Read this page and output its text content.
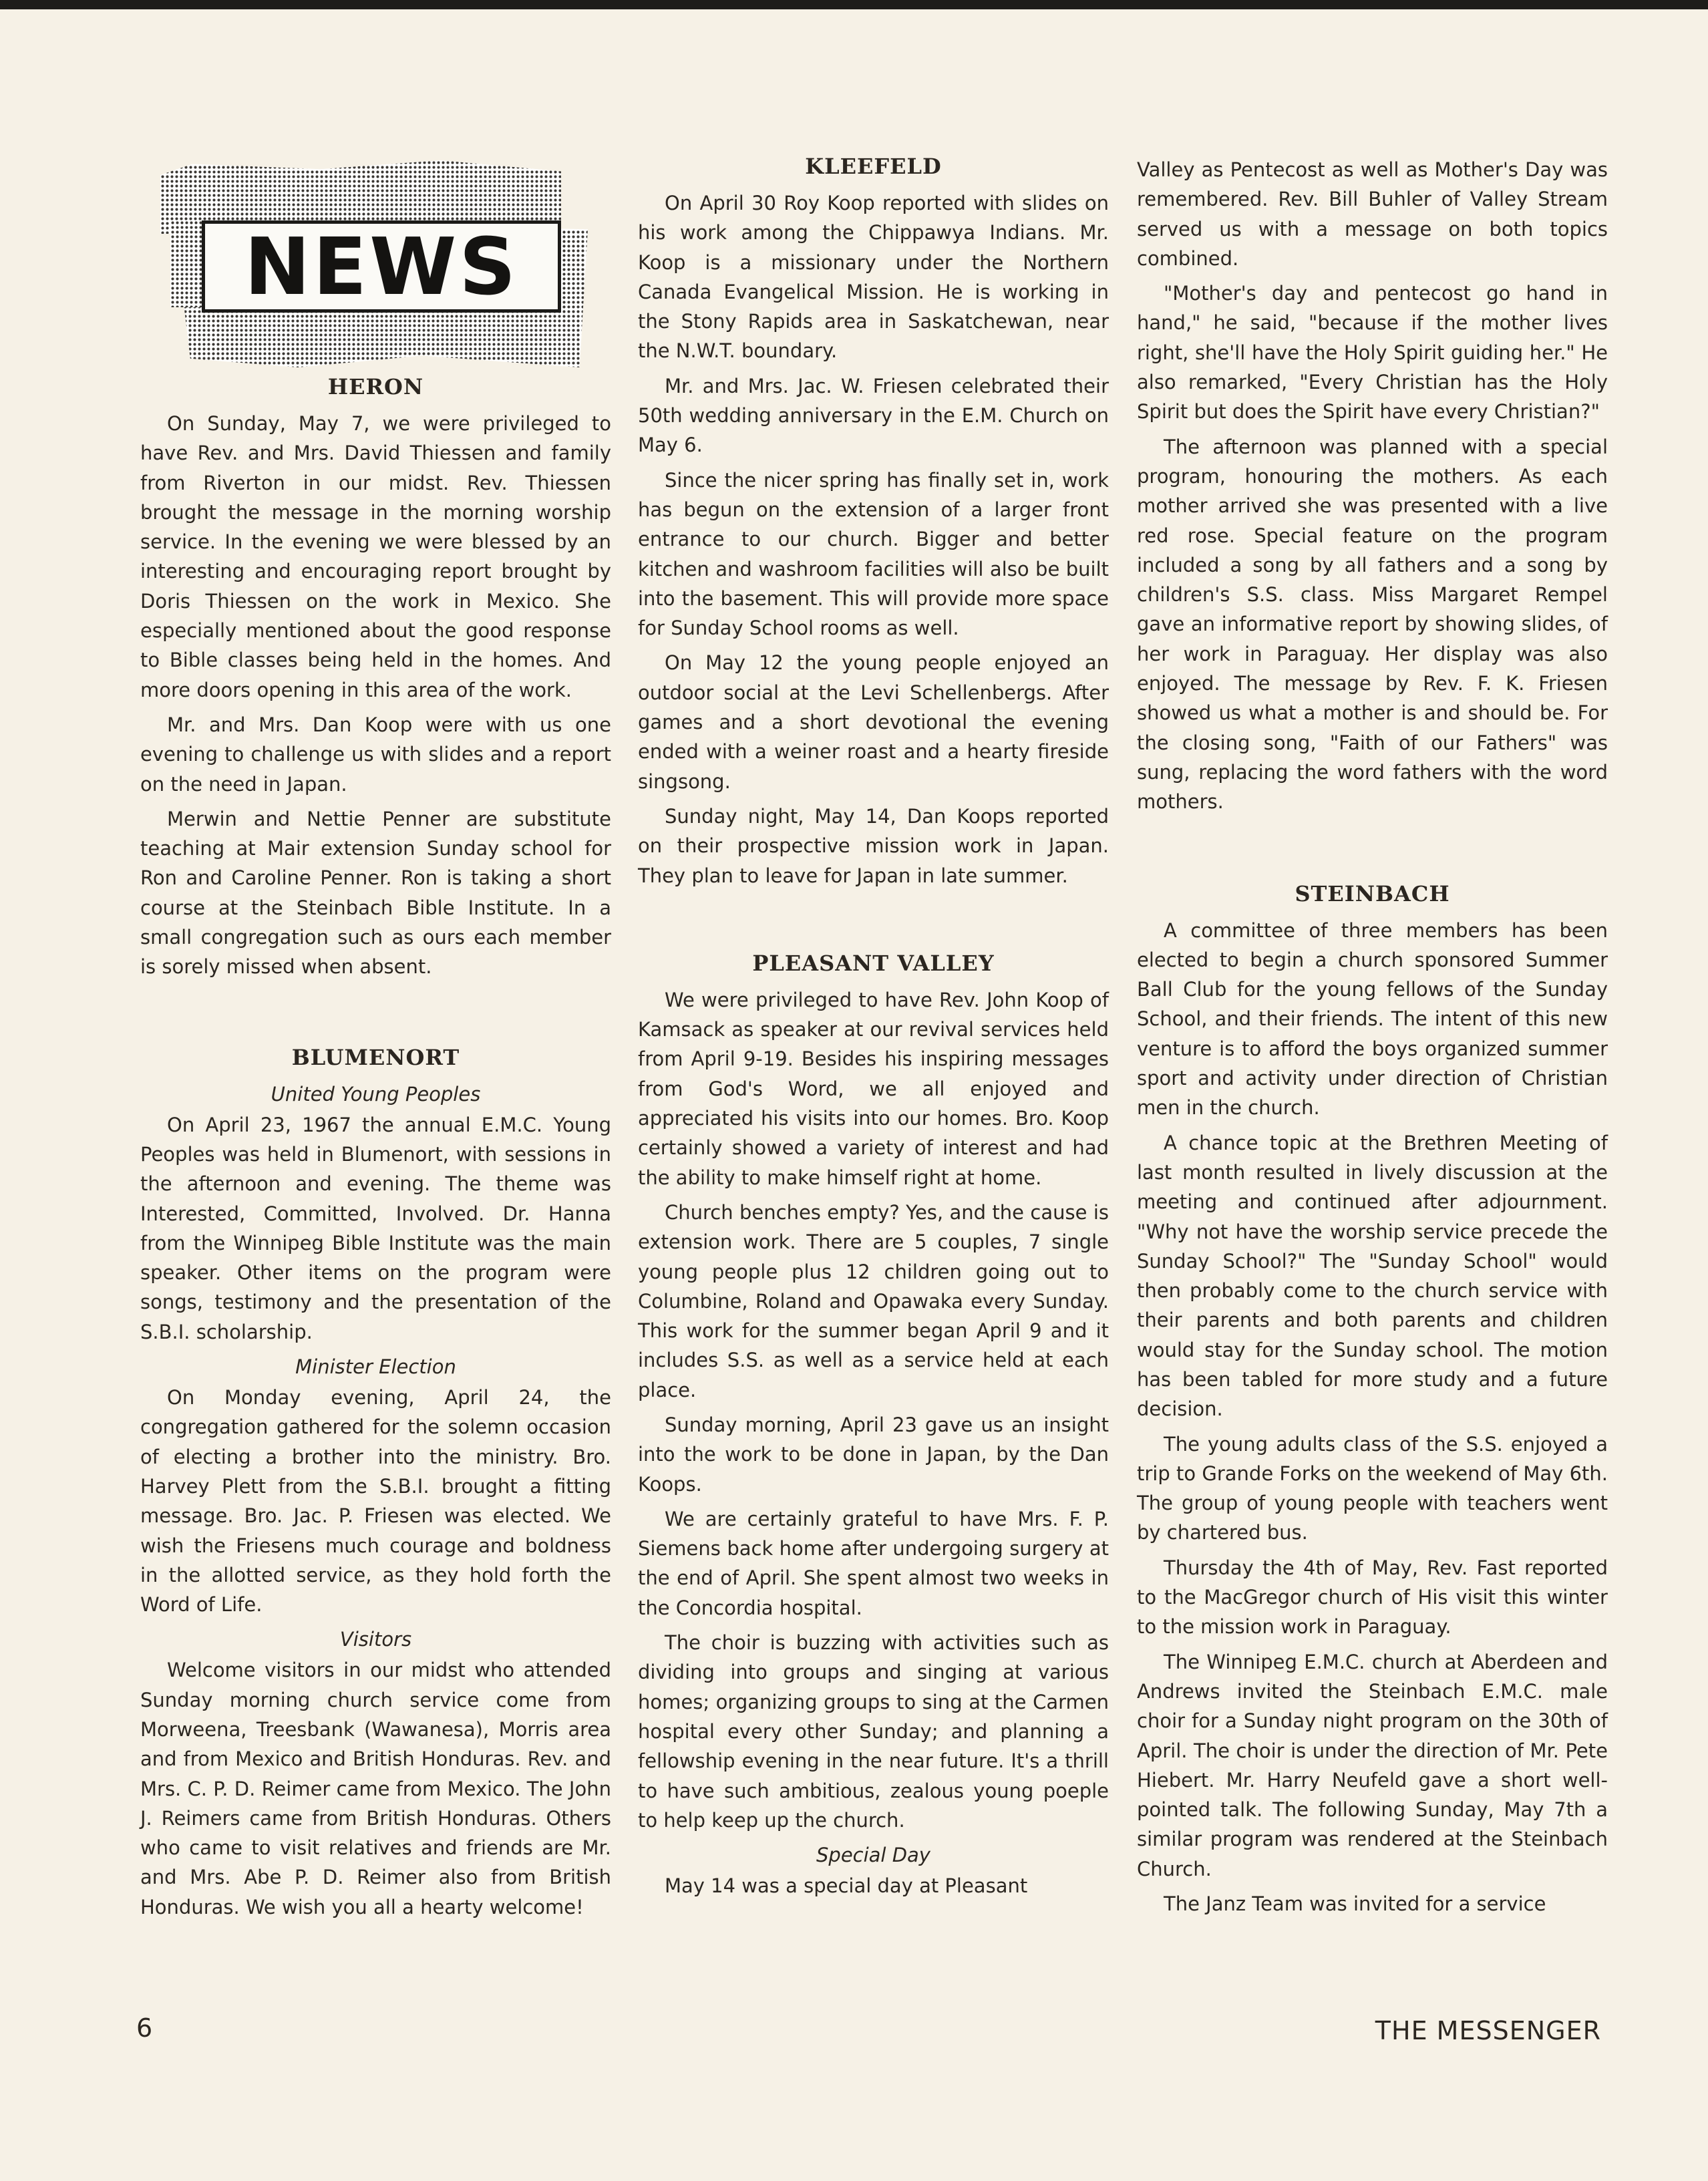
NEWS
HERON

On Sunday, May 7, we were privileged to have Rev. and Mrs. David Thiessen and family from Riverton in our midst. Rev. Thiessen brought the message in the morning worship service. In the evening we were blessed by an interesting and encouraging report brought by Doris Thiessen on the work in Mexico. She especially mentioned about the good response to Bible classes being held in the homes. And more doors opening in this area of the work.

Mr. and Mrs. Dan Koop were with us one evening to challenge us with slides and a report on the need in Japan.

Merwin and Nettie Penner are substitute teaching at Mair extension Sunday school for Ron and Caroline Penner. Ron is taking a short course at the Steinbach Bible Institute. In a small congregation such as ours each member is sorely missed when absent.

BLUMENORT
United Young Peoples

On April 23, 1967 the annual E.M.C. Young Peoples was held in Blumenort, with sessions in the afternoon and evening. The theme was Interested, Committed, Involved. Dr. Hanna from the Winnipeg Bible Institute was the main speaker. Other items on the program were songs, testimony and the presentation of the S.B.I. scholarship.

Minister Election

On Monday evening, April 24, the congregation gathered for the solemn occasion of electing a brother into the ministry. Bro. Harvey Plett from the S.B.I. brought a fitting message. Bro. Jac. P. Friesen was elected. We wish the Friesens much courage and boldness in the allotted service, as they hold forth the Word of Life.

Visitors

Welcome visitors in our midst who attended Sunday morning church service come from Morweena, Treesbank (Wawanesa), Morris area and from Mexico and British Honduras. Rev. and Mrs. C. P. D. Reimer came from Mexico. The John J. Reimers came from British Honduras. Others who came to visit relatives and friends are Mr. and Mrs. Abe P. D. Reimer also from British Honduras. We wish you all a hearty welcome!

KLEEFELD

On April 30 Roy Koop reported with slides on his work among the Chippawya Indians. Mr. Koop is a missionary under the Northern Canada Evangelical Mission. He is working in the Stony Rapids area in Saskatchewan, near the N.W.T. boundary.

Mr. and Mrs. Jac. W. Friesen celebrated their 50th wedding anniversary in the E.M. Church on May 6.

Since the nicer spring has finally set in, work has begun on the extension of a larger front entrance to our church. Bigger and better kitchen and washroom facilities will also be built into the basement. This will provide more space for Sunday School rooms as well.

On May 12 the young people enjoyed an outdoor social at the Levi Schellenbergs. After games and a short devotional the evening ended with a weiner roast and a hearty fireside singsong.

Sunday night, May 14, Dan Koops reported on their prospective mission work in Japan. They plan to leave for Japan in late summer.

PLEASANT VALLEY

We were privileged to have Rev. John Koop of Kamsack as speaker at our revival services held from April 9-19. Besides his inspiring messages from God's Word, we all enjoyed and appreciated his visits into our homes. Bro. Koop certainly showed a variety of interest and had the ability to make himself right at home.

Church benches empty? Yes, and the cause is extension work. There are 5 couples, 7 single young people plus 12 children going out to Columbine, Roland and Opawaka every Sunday. This work for the summer began April 9 and it includes S.S. as well as a service held at each place.

Sunday morning, April 23 gave us an insight into the work to be done in Japan, by the Dan Koops.

We are certainly grateful to have Mrs. F. P. Siemens back home after undergoing surgery at the end of April. She spent almost two weeks in the Concordia hospital.

The choir is buzzing with activities such as dividing into groups and singing at various homes; organizing groups to sing at the Carmen hospital every other Sunday; and planning a fellowship evening in the near future. It's a thrill to have such ambitious, zealous young poeple to help keep up the church.

Special Day

May 14 was a special day at Pleasant

Valley as Pentecost as well as Mother's Day was remembered. Rev. Bill Buhler of Valley Stream served us with a message on both topics combined.

"Mother's day and pentecost go hand in hand," he said, "because if the mother lives right, she'll have the Holy Spirit guiding her." He also remarked, "Every Christian has the Holy Spirit but does the Spirit have every Christian?"

The afternoon was planned with a special program, honouring the mothers. As each mother arrived she was presented with a live red rose. Special feature on the program included a song by all fathers and a song by children's S.S. class. Miss Margaret Rempel gave an informative report by showing slides, of her work in Paraguay. Her display was also enjoyed. The message by Rev. F. K. Friesen showed us what a mother is and should be. For the closing song, "Faith of our Fathers" was sung, replacing the word fathers with the word mothers.

STEINBACH

A committee of three members has been elected to begin a church sponsored Summer Ball Club for the young fellows of the Sunday School, and their friends. The intent of this new venture is to afford the boys organized summer sport and activity under direction of Christian men in the church.

A chance topic at the Brethren Meeting of last month resulted in lively discussion at the meeting and continued after adjournment. "Why not have the worship service precede the Sunday School?" The "Sunday School" would then probably come to the church service with their parents and both parents and children would stay for the Sunday school. The motion has been tabled for more study and a future decision.

The young adults class of the S.S. enjoyed a trip to Grande Forks on the weekend of May 6th. The group of young people with teachers went by chartered bus.

Thursday the 4th of May, Rev. Fast reported to the MacGregor church of His visit this winter to the mission work in Paraguay.

The Winnipeg E.M.C. church at Aberdeen and Andrews invited the Steinbach E.M.C. male choir for a Sunday night program on the 30th of April. The choir is under the direction of Mr. Pete Hiebert. Mr. Harry Neufeld gave a short well-pointed talk. The following Sunday, May 7th a similar program was rendered at the Steinbach Church.

The Janz Team was invited for a service

6	THE MESSENGER
